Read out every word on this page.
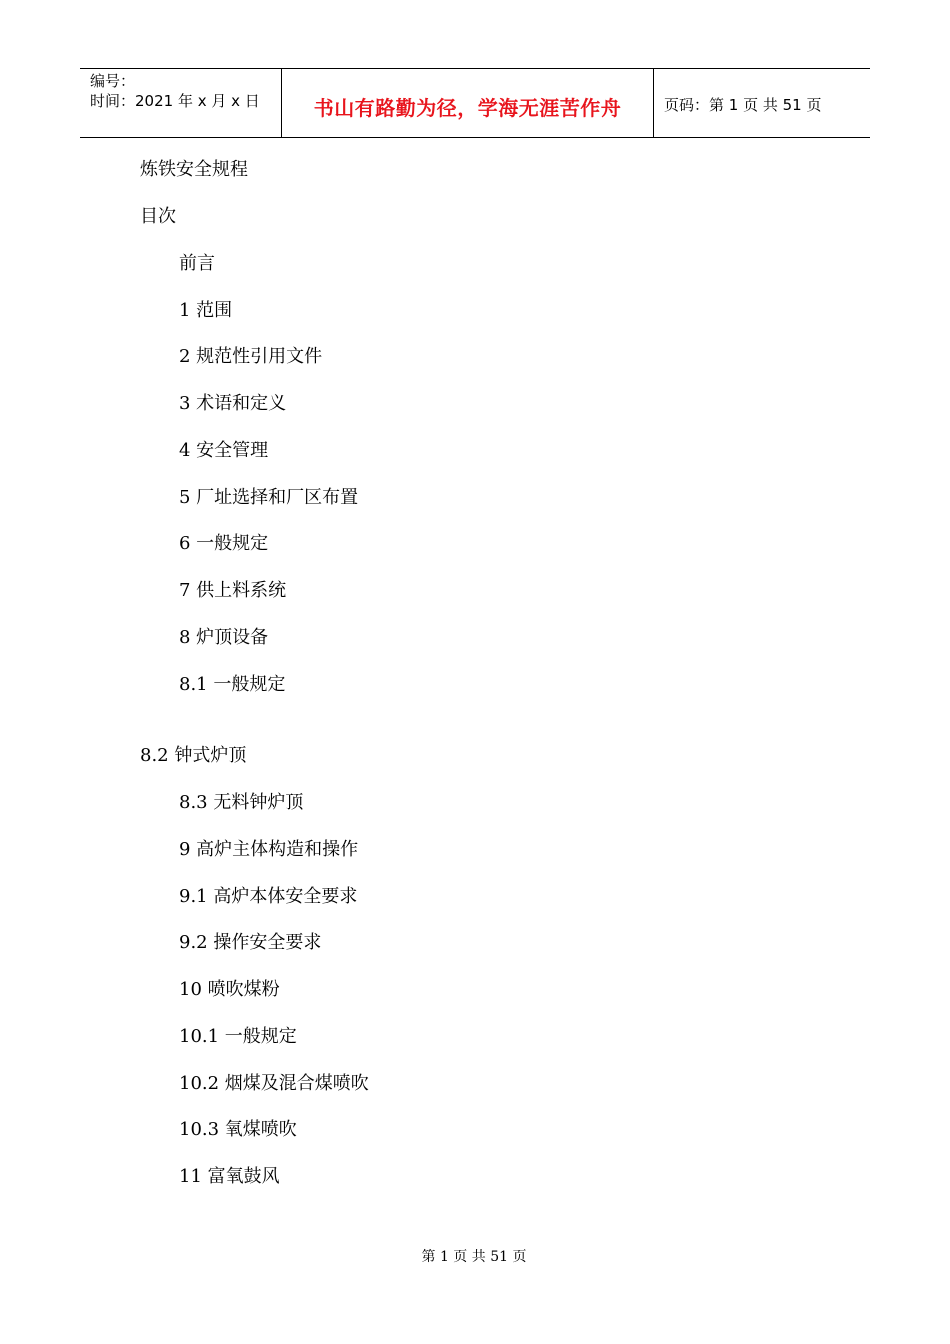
编号：
时间：2021 年 x 月 x 日	书山有路勤为径，学海无涯苦作舟	页码：第 1 页 共 51 页
炼铁安全规程
目次
前言
1 范围
2 规范性引用文件
3 术语和定义
4 安全管理
5 厂址选择和厂区布置
6 一般规定
7 供上料系统
8 炉顶设备
8.1 一般规定
8.2 钟式炉顶
8.3 无料钟炉顶
9 高炉主体构造和操作
9.1 高炉本体安全要求
9.2 操作安全要求
10 喷吹煤粉
10.1 一般规定
10.2 烟煤及混合煤喷吹
10.3 氧煤喷吹
11 富氧鼓风
第 1 页 共 51 页
